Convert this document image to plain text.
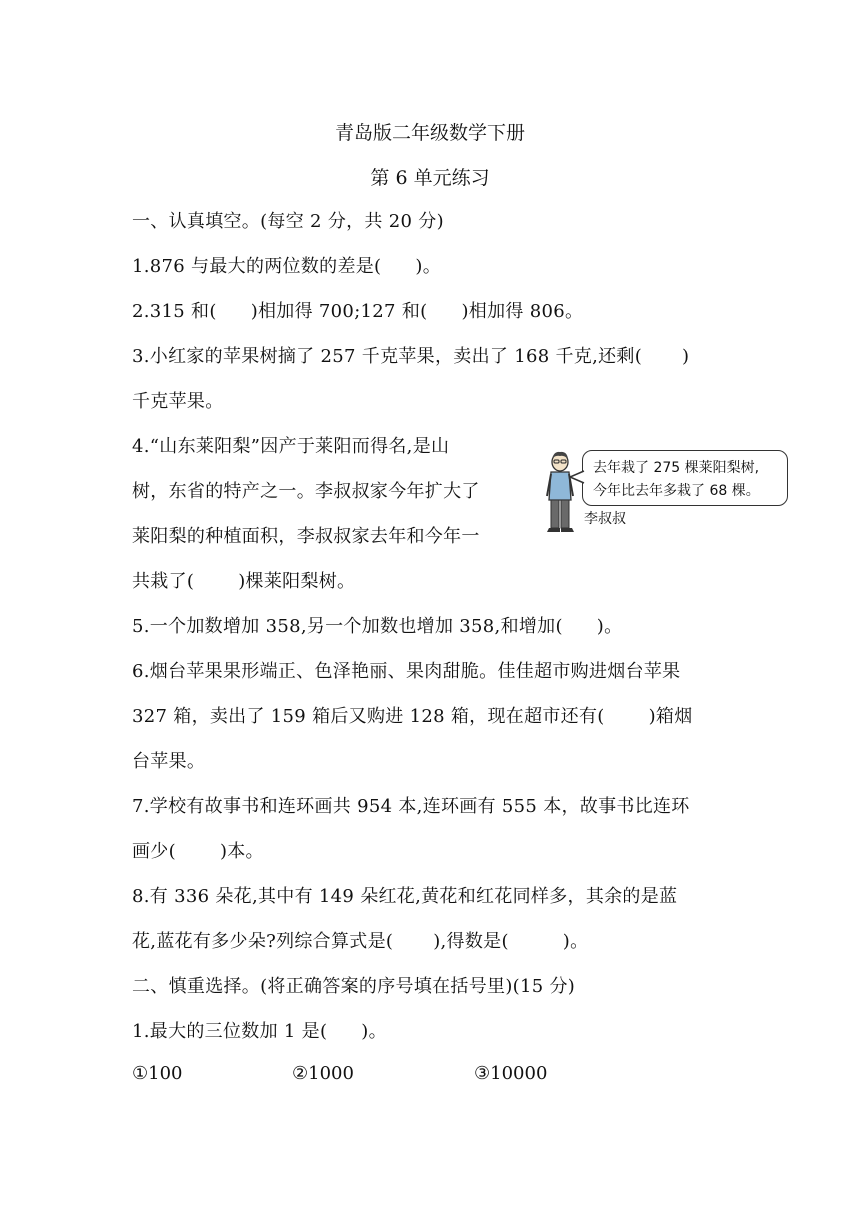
青岛版二年级数学下册
第 6 单元练习
一、认真填空。(每空 2 分，共 20 分)
1.876 与最大的两位数的差是( )。
2.315 和( )相加得 700;127 和( )相加得 806。
3.小红家的苹果树摘了 257 千克苹果，卖出了 168 千克,还剩( )
千克苹果。
4.“山东莱阳梨”因产于莱阳而得名,是山
树，东省的特产之一。李叔叔家今年扩大了
莱阳梨的种植面积，李叔叔家去年和今年一
共栽了( )棵莱阳梨树。
去年栽了 275 棵莱阳梨树,
今年比去年多栽了 68 棵。
李叔叔
5.一个加数增加 358,另一个加数也增加 358,和增加( )。
6.烟台苹果果形端正、色泽艳丽、果肉甜脆。佳佳超市购进烟台苹果
327 箱，卖出了 159 箱后又购进 128 箱，现在超市还有( )箱烟
台苹果。
7.学校有故事书和连环画共 954 本,连环画有 555 本，故事书比连环
画少( )本。
8.有 336 朵花,其中有 149 朵红花,黄花和红花同样多，其余的是蓝
花,蓝花有多少朵?列综合算式是( ),得数是(	)。
二、慎重选择。(将正确答案的序号填在括号里)(15 分)
1.最大的三位数加 1 是( )。
①100	②1000	③10000
